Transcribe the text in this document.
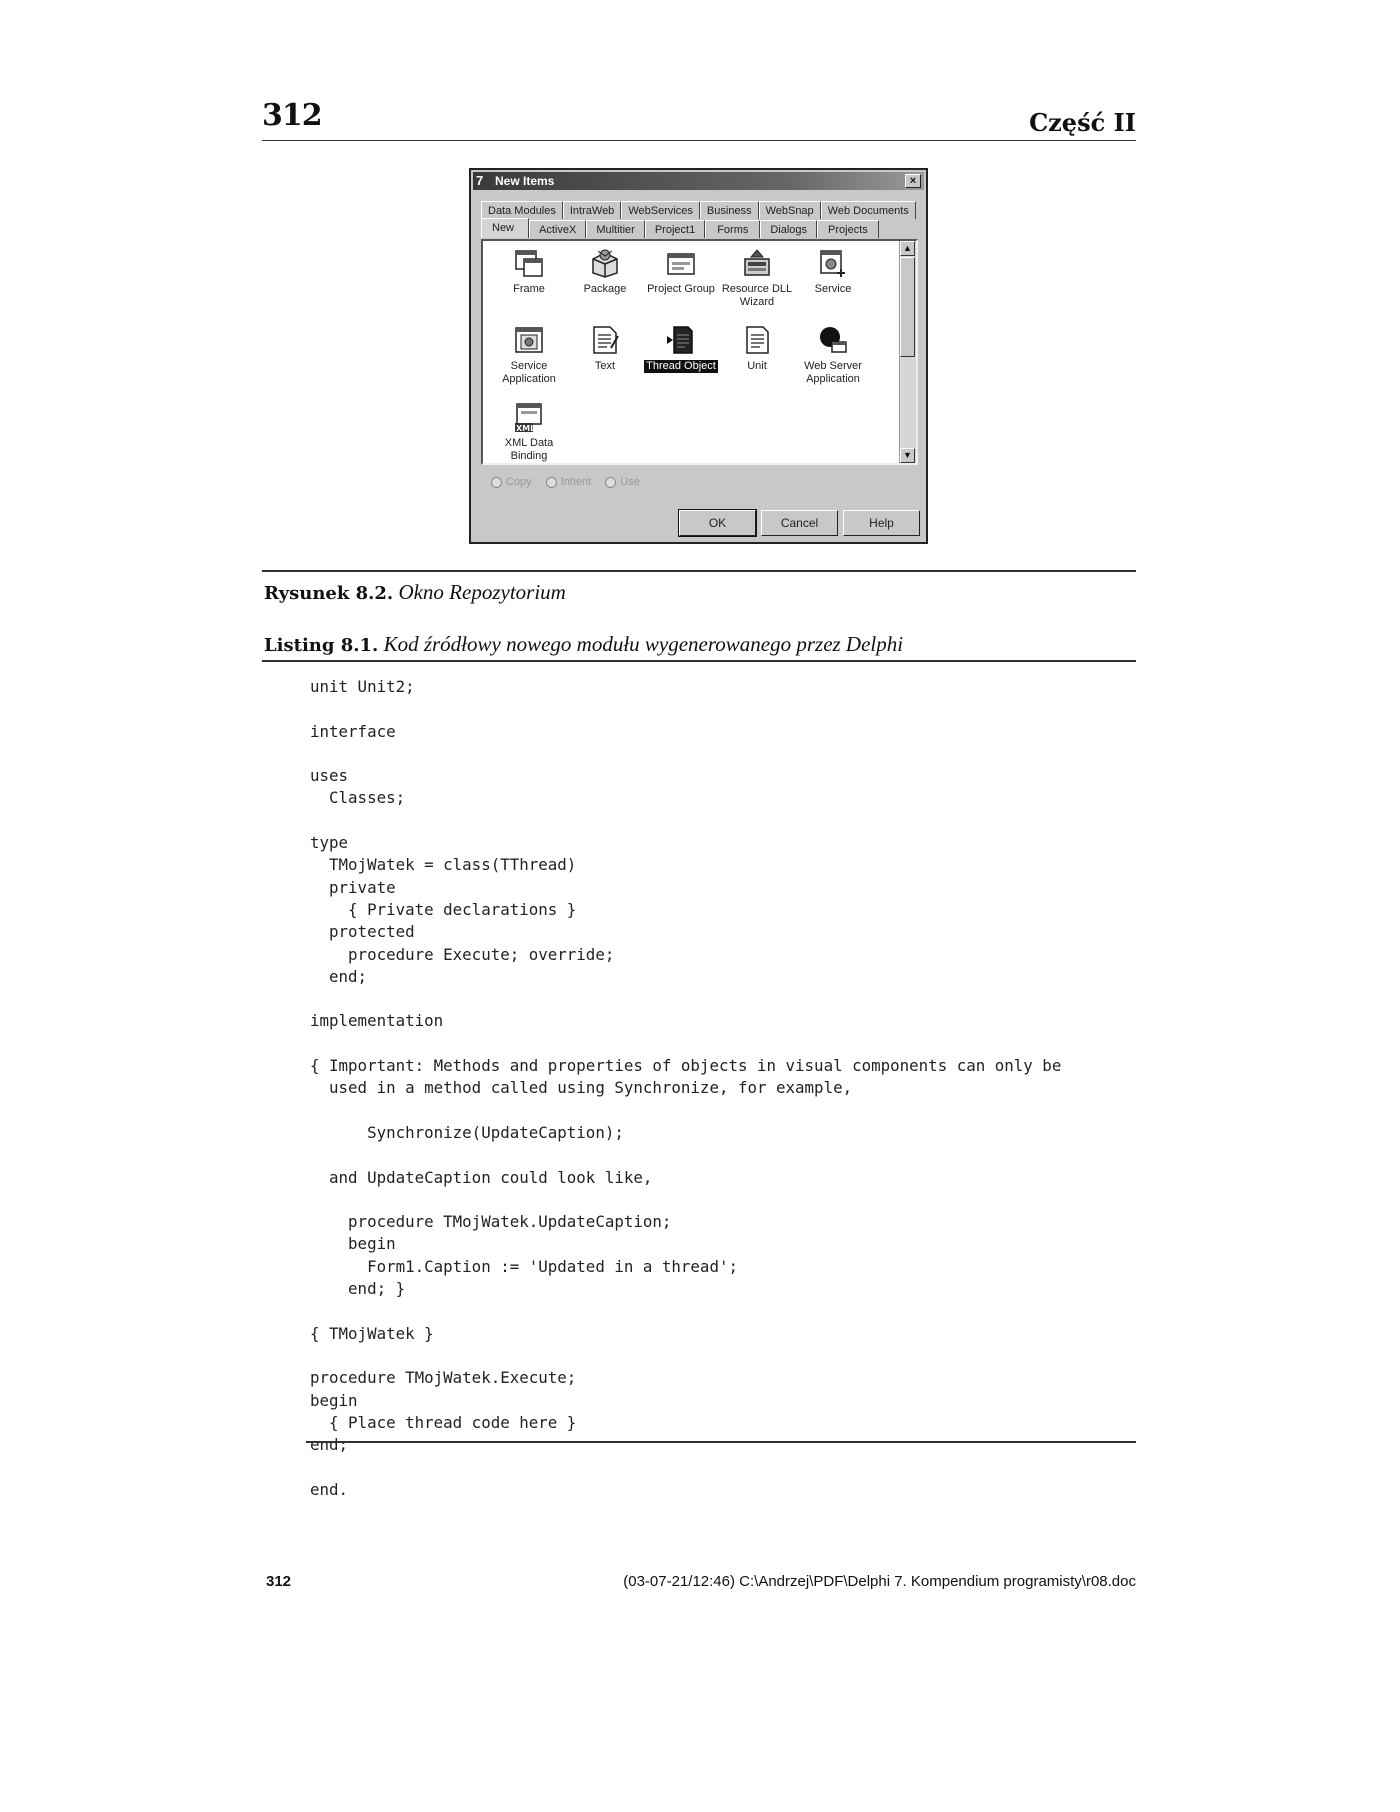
312	Część II
7 New Items	×
Data Modules	IntraWeb	WebServices	Business	WebSnap	Web Documents
New	ActiveX	Multitier	Project1	Forms	Dialogs	Projects
Frame	Package	Project Group Resource DLL Wizard
Service
Service Application
Text	Thread Object	Unit	Web Server Application
XML
XML Data Binding
▲
▼
Copy	Inherit	Use
OK	Cancel	Help
Rysunek 8.2. Okno Repozytorium
Listing 8.1. Kod źródłowy nowego modułu wygenerowanego przez Delphi
unit Unit2;

interface

uses
Classes;

type
TMojWatek = class(TThread)
private
{ Private declarations }
protected
procedure Execute; override;
end;

implementation

{ Important: Methods and properties of objects in visual components can only be
used in a method called using Synchronize, for example,

Synchronize(UpdateCaption);

and UpdateCaption could look like,

procedure TMojWatek.UpdateCaption;
begin
Form1.Caption := 'Updated in a thread';
end; }

{ TMojWatek }

procedure TMojWatek.Execute;
begin
{ Place thread code here }
end;

end.
312	(03-07-21/12:46) C:\Andrzej\PDF\Delphi 7. Kompendium programisty\r08.doc
